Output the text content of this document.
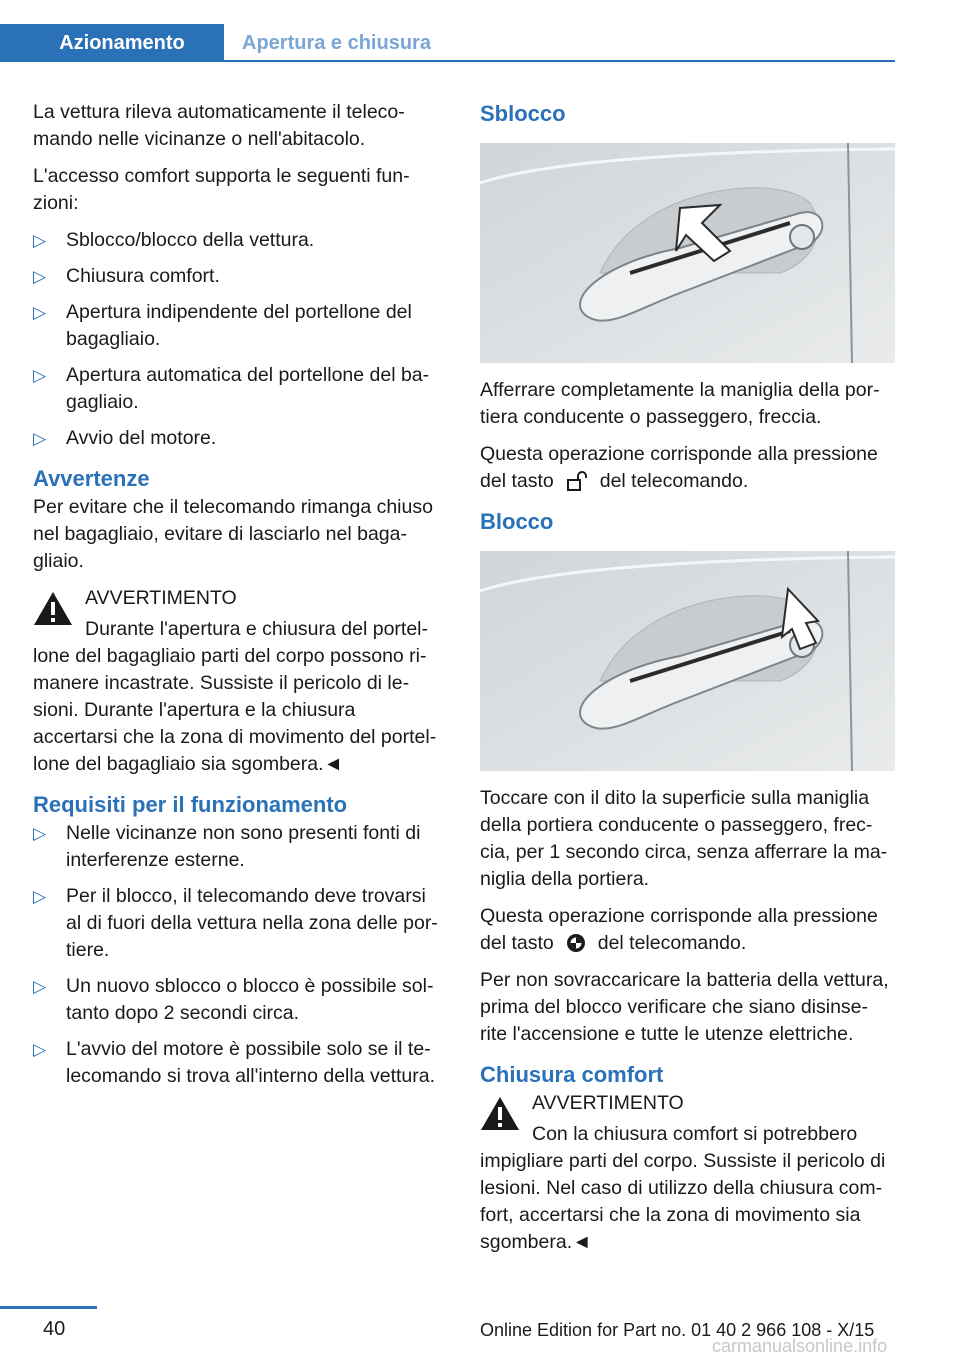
Azionamento	Apertura e chiusura

La vettura rileva automaticamente il teleco-mando nelle vicinanze o nell'abitacolo.

L'accesso comfort supporta le seguenti fun-zioni:

▷ Sblocco/blocco della vettura.
▷ Chiusura comfort.
▷ Apertura indipendente del portellone del bagagliaio.
▷ Apertura automatica del portellone del ba-gagliaio.
▷ Avvio del motore.
Avvertenze

Per evitare che il telecomando rimanga chiuso nel bagagliaio, evitare di lasciarlo nel baga-gliaio.

AVVERTIMENTO

Durante l'apertura e chiusura del portel-lone del bagagliaio parti del corpo possono ri-manere incastrate. Sussiste il pericolo di le-sioni. Durante l'apertura e la chiusura accertarsi che la zona di movimento del portel-lone del bagagliaio sia sgombera.◄

Requisiti per il funzionamento
▷ Nelle vicinanze non sono presenti fonti di interferenze esterne.
▷ Per il blocco, il telecomando deve trovarsi al di fuori della vettura nella zona delle por-tiere.
▷ Un nuovo sblocco o blocco è possibile sol-tanto dopo 2 secondi circa.
▷ L'avvio del motore è possibile solo se il te-lecomando si trova all'interno della vettura.
Sblocco

Afferrare completamente la maniglia della por-tiera conducente o passeggero, freccia.

Questa operazione corrisponde alla pressione del tasto del telecomando.

Blocco

Toccare con il dito la superficie sulla maniglia della portiera conducente o passeggero, frec-cia, per 1 secondo circa, senza afferrare la ma-niglia della portiera.

Questa operazione corrisponde alla pressione del tasto del telecomando.

Per non sovraccaricare la batteria della vettura, prima del blocco verificare che siano disinse-rite l'accensione e tutte le utenze elettriche.

Chiusura comfort
AVVERTIMENTO

Con la chiusura comfort si potrebbero impigliare parti del corpo. Sussiste il pericolo di lesioni. Nel caso di utilizzo della chiusura com-fort, accertarsi che la zona di movimento sia sgombera.◄

40	Online Edition for Part no. 01 40 2 966 108 - X/15
carmanualsonline.info
